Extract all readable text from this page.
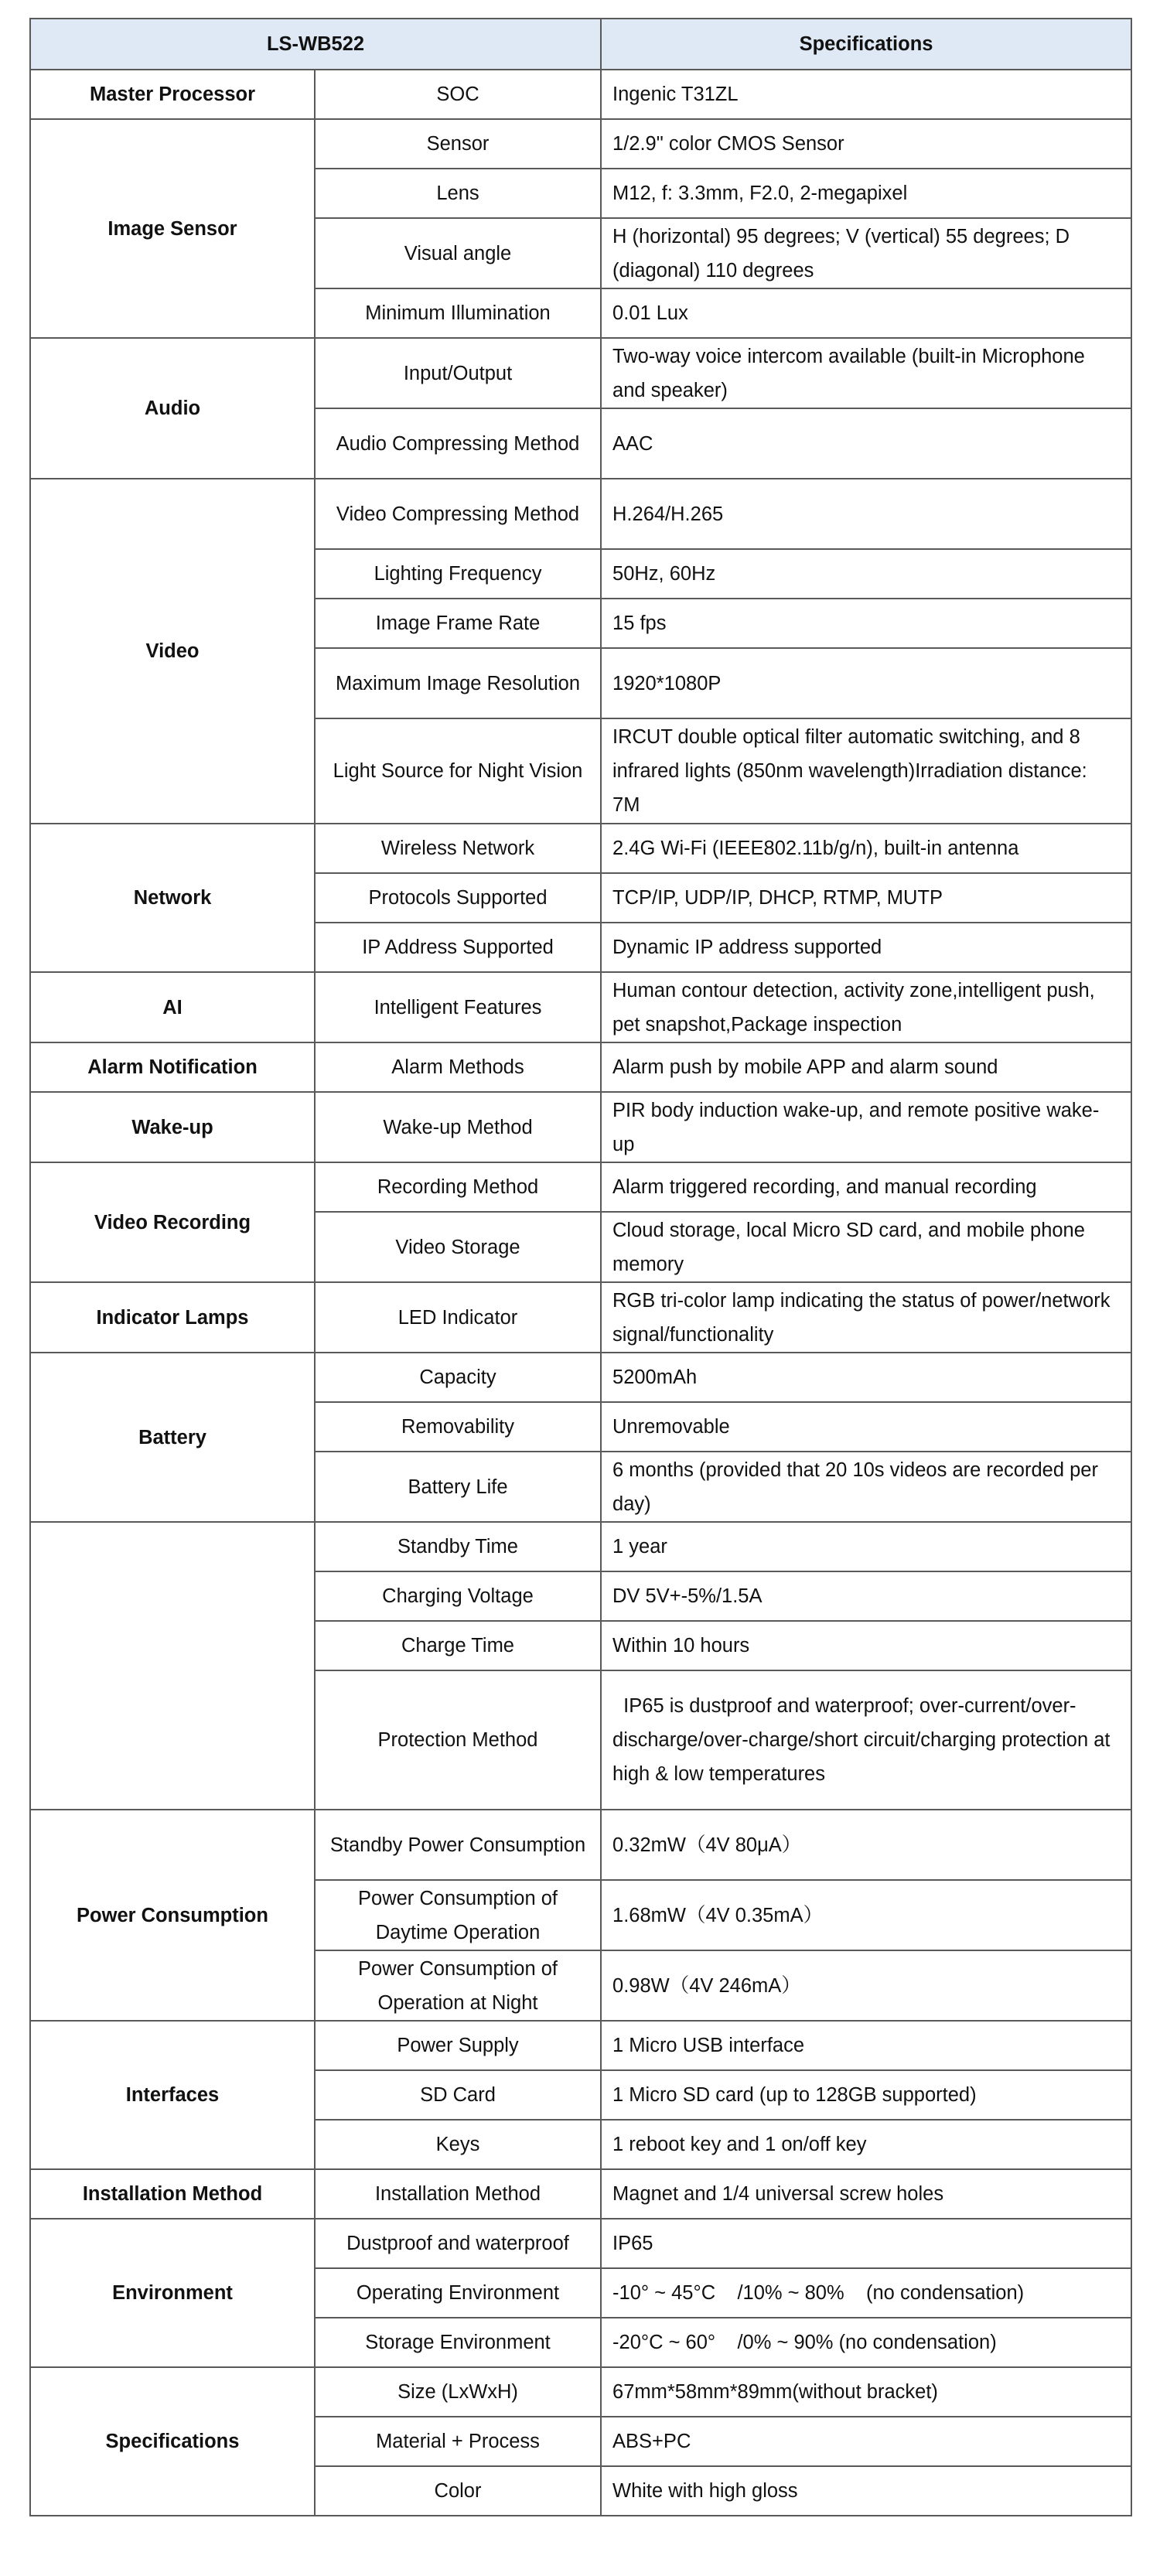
LS-WB522		Specifications
Master Processor	SOC	Ingenic T31ZL
Image Sensor	Sensor	1/2.9" color CMOS Sensor
	Lens	M12, f: 3.3mm, F2.0, 2-megapixel
	Visual angle	H (horizontal) 95 degrees; V (vertical) 55 degrees; D (diagonal) 110 degrees
	Minimum Illumination	0.01 Lux
Audio	Input/Output	Two-way voice intercom available (built-in Microphone and speaker)
	Audio Compressing Method	AAC
Video	Video Compressing Method	H.264/H.265
	Lighting Frequency	50Hz, 60Hz
	Image Frame Rate	15 fps
	Maximum Image Resolution	1920*1080P
	Light Source for Night Vision	IRCUT double optical filter automatic switching, and 8 infrared lights (850nm wavelength)Irradiation distance: 7M
Network	Wireless Network	2.4G Wi-Fi (IEEE802.11b/g/n), built-in antenna
	Protocols Supported	TCP/IP, UDP/IP, DHCP, RTMP, MUTP
	IP Address Supported	Dynamic IP address supported
AI	Intelligent Features	Human contour detection, activity zone,intelligent push,    pet snapshot,Package inspection
Alarm Notification	Alarm Methods	Alarm push by mobile APP and alarm sound
Wake-up	Wake-up Method	PIR body induction wake-up, and remote positive wake-up
Video Recording	Recording Method	Alarm triggered recording, and manual recording
	Video Storage	Cloud storage, local Micro SD card, and mobile phone memory
Indicator Lamps	LED Indicator	RGB tri-color lamp indicating the status of power/network signal/functionality
Battery	Capacity	5200mAh
	Removability	Unremovable
	Battery Life	6 months (provided that 20 10s videos are recorded per day)
	Standby Time	1 year
	Charging Voltage	DV 5V+-5%/1.5A
	Charge Time	Within 10 hours
	Protection Method	IP65 is dustproof and waterproof; over-current/over-discharge/over-charge/short circuit/charging protection at high & low temperatures
Power Consumption	Standby Power Consumption	0.32mW（4V 80μA）
	Power Consumption of Daytime Operation	1.68mW（4V 0.35mA）
	Power Consumption of Operation at Night	0.98W（4V 246mA）
Interfaces	Power Supply	1 Micro USB interface
	SD Card	1 Micro SD card (up to 128GB supported)
	Keys	1 reboot key and 1 on/off key
Installation Method	Installation Method	Magnet and 1/4 universal screw holes
Environment	Dustproof and waterproof	IP65
	Operating Environment	-10° ~ 45°C    /10% ~ 80%    (no condensation)
	Storage Environment	-20°C ~ 60°    /0% ~ 90% (no condensation)
Specifications	Size (LxWxH)	67mm*58mm*89mm(without bracket)
	Material + Process	ABS+PC
	Color	White with high gloss
